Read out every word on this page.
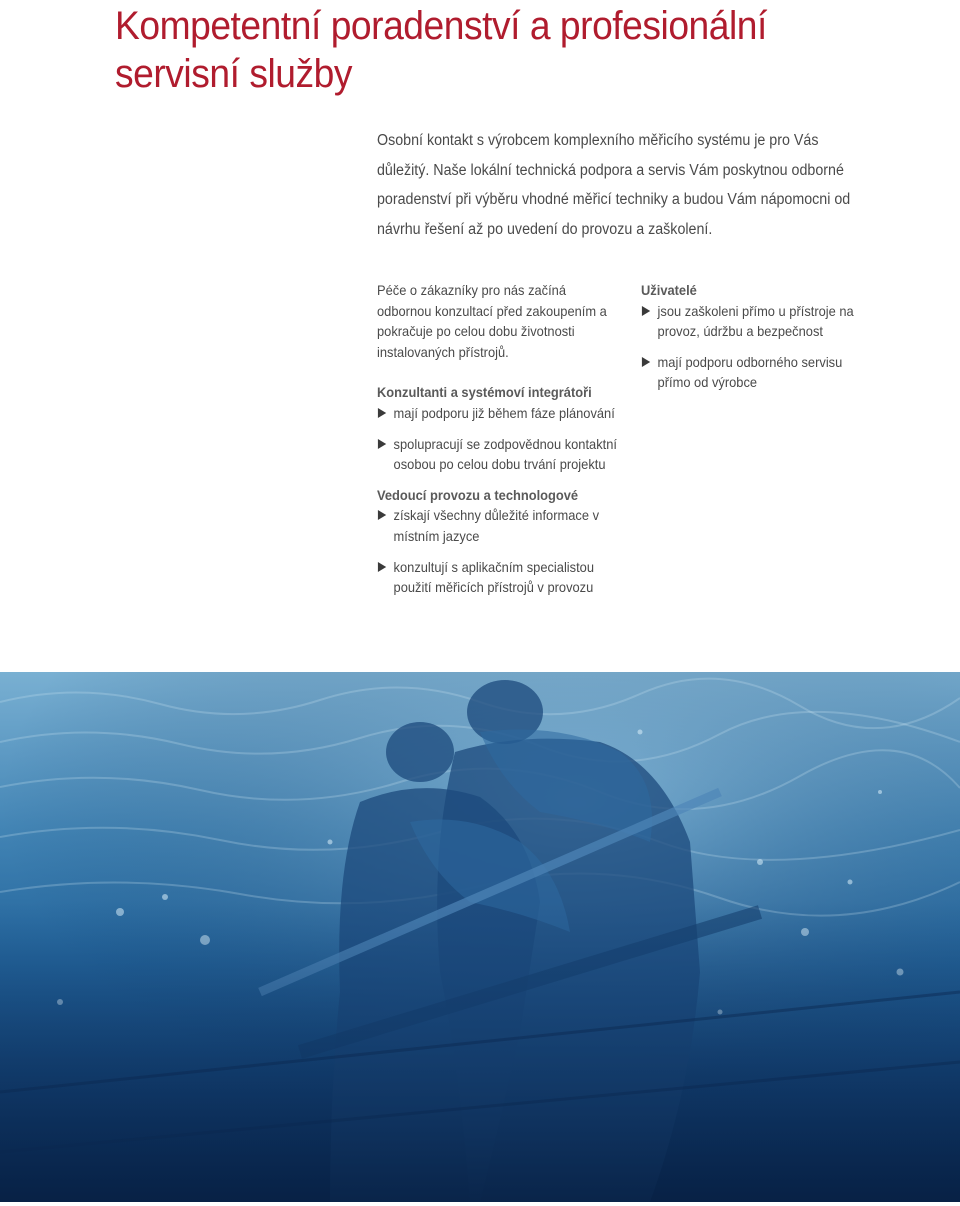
Kompetentní poradenství a profesionální servisní služby

Osobní kontakt s výrobcem komplexního měřicího systému je pro Vás důležitý. Naše lokální technická podpora a servis Vám poskytnou odborné poradenství při výběru vhodné měřicí techniky a budou Vám nápomocni od návrhu řešení až po uvedení do provozu a zaškolení.

Péče o zákazníky pro nás začíná odbornou konzultací před zakoupením a pokračuje po celou dobu životnosti instalovaných přístrojů.

Konzultanti a systémoví integrátoři

mají podporu již během fáze plánování

spolupracují se zodpovědnou kontaktní osobou po celou dobu trvání projektu

Vedoucí provozu a technologové

získají všechny důležité informace v místním jazyce

konzultují s aplikačním specialistou použití měřicích přístrojů v provozu

Uživatelé

jsou zaškoleni přímo u přístroje na provoz, údržbu a bezpečnost

mají podporu odborného servisu přímo od výrobce
